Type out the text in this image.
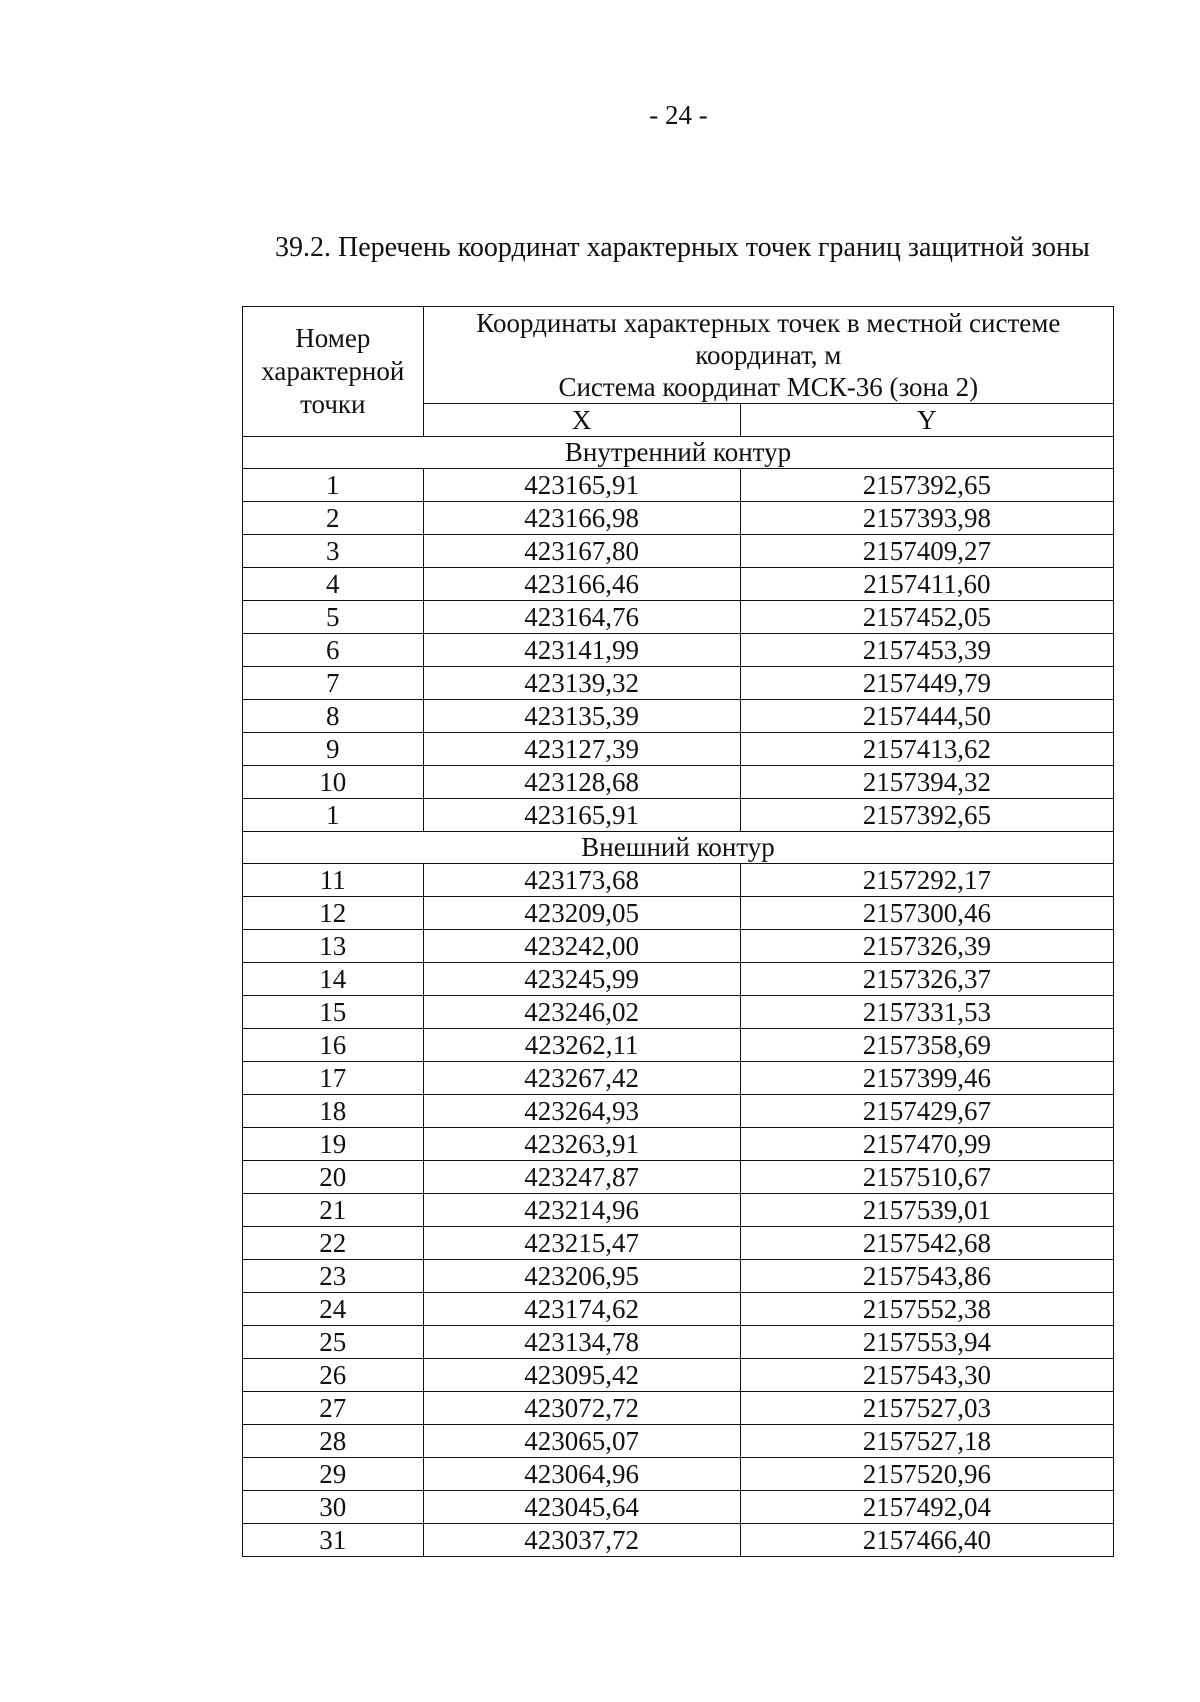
- 24 -
39.2. Перечень координат характерных точек границ защитной зоны
Номер характерной точки	Координаты характерных точек в местной системе координат, м
Система координат МСК-36 (зона 2)	
	X	Y
Внутренний контур		
1	423165,91	2157392,65
2	423166,98	2157393,98
3	423167,80	2157409,27
4	423166,46	2157411,60
5	423164,76	2157452,05
6	423141,99	2157453,39
7	423139,32	2157449,79
8	423135,39	2157444,50
9	423127,39	2157413,62
10	423128,68	2157394,32
1	423165,91	2157392,65
Внешний контур		
11	423173,68	2157292,17
12	423209,05	2157300,46
13	423242,00	2157326,39
14	423245,99	2157326,37
15	423246,02	2157331,53
16	423262,11	2157358,69
17	423267,42	2157399,46
18	423264,93	2157429,67
19	423263,91	2157470,99
20	423247,87	2157510,67
21	423214,96	2157539,01
22	423215,47	2157542,68
23	423206,95	2157543,86
24	423174,62	2157552,38
25	423134,78	2157553,94
26	423095,42	2157543,30
27	423072,72	2157527,03
28	423065,07	2157527,18
29	423064,96	2157520,96
30	423045,64	2157492,04
31	423037,72	2157466,40
